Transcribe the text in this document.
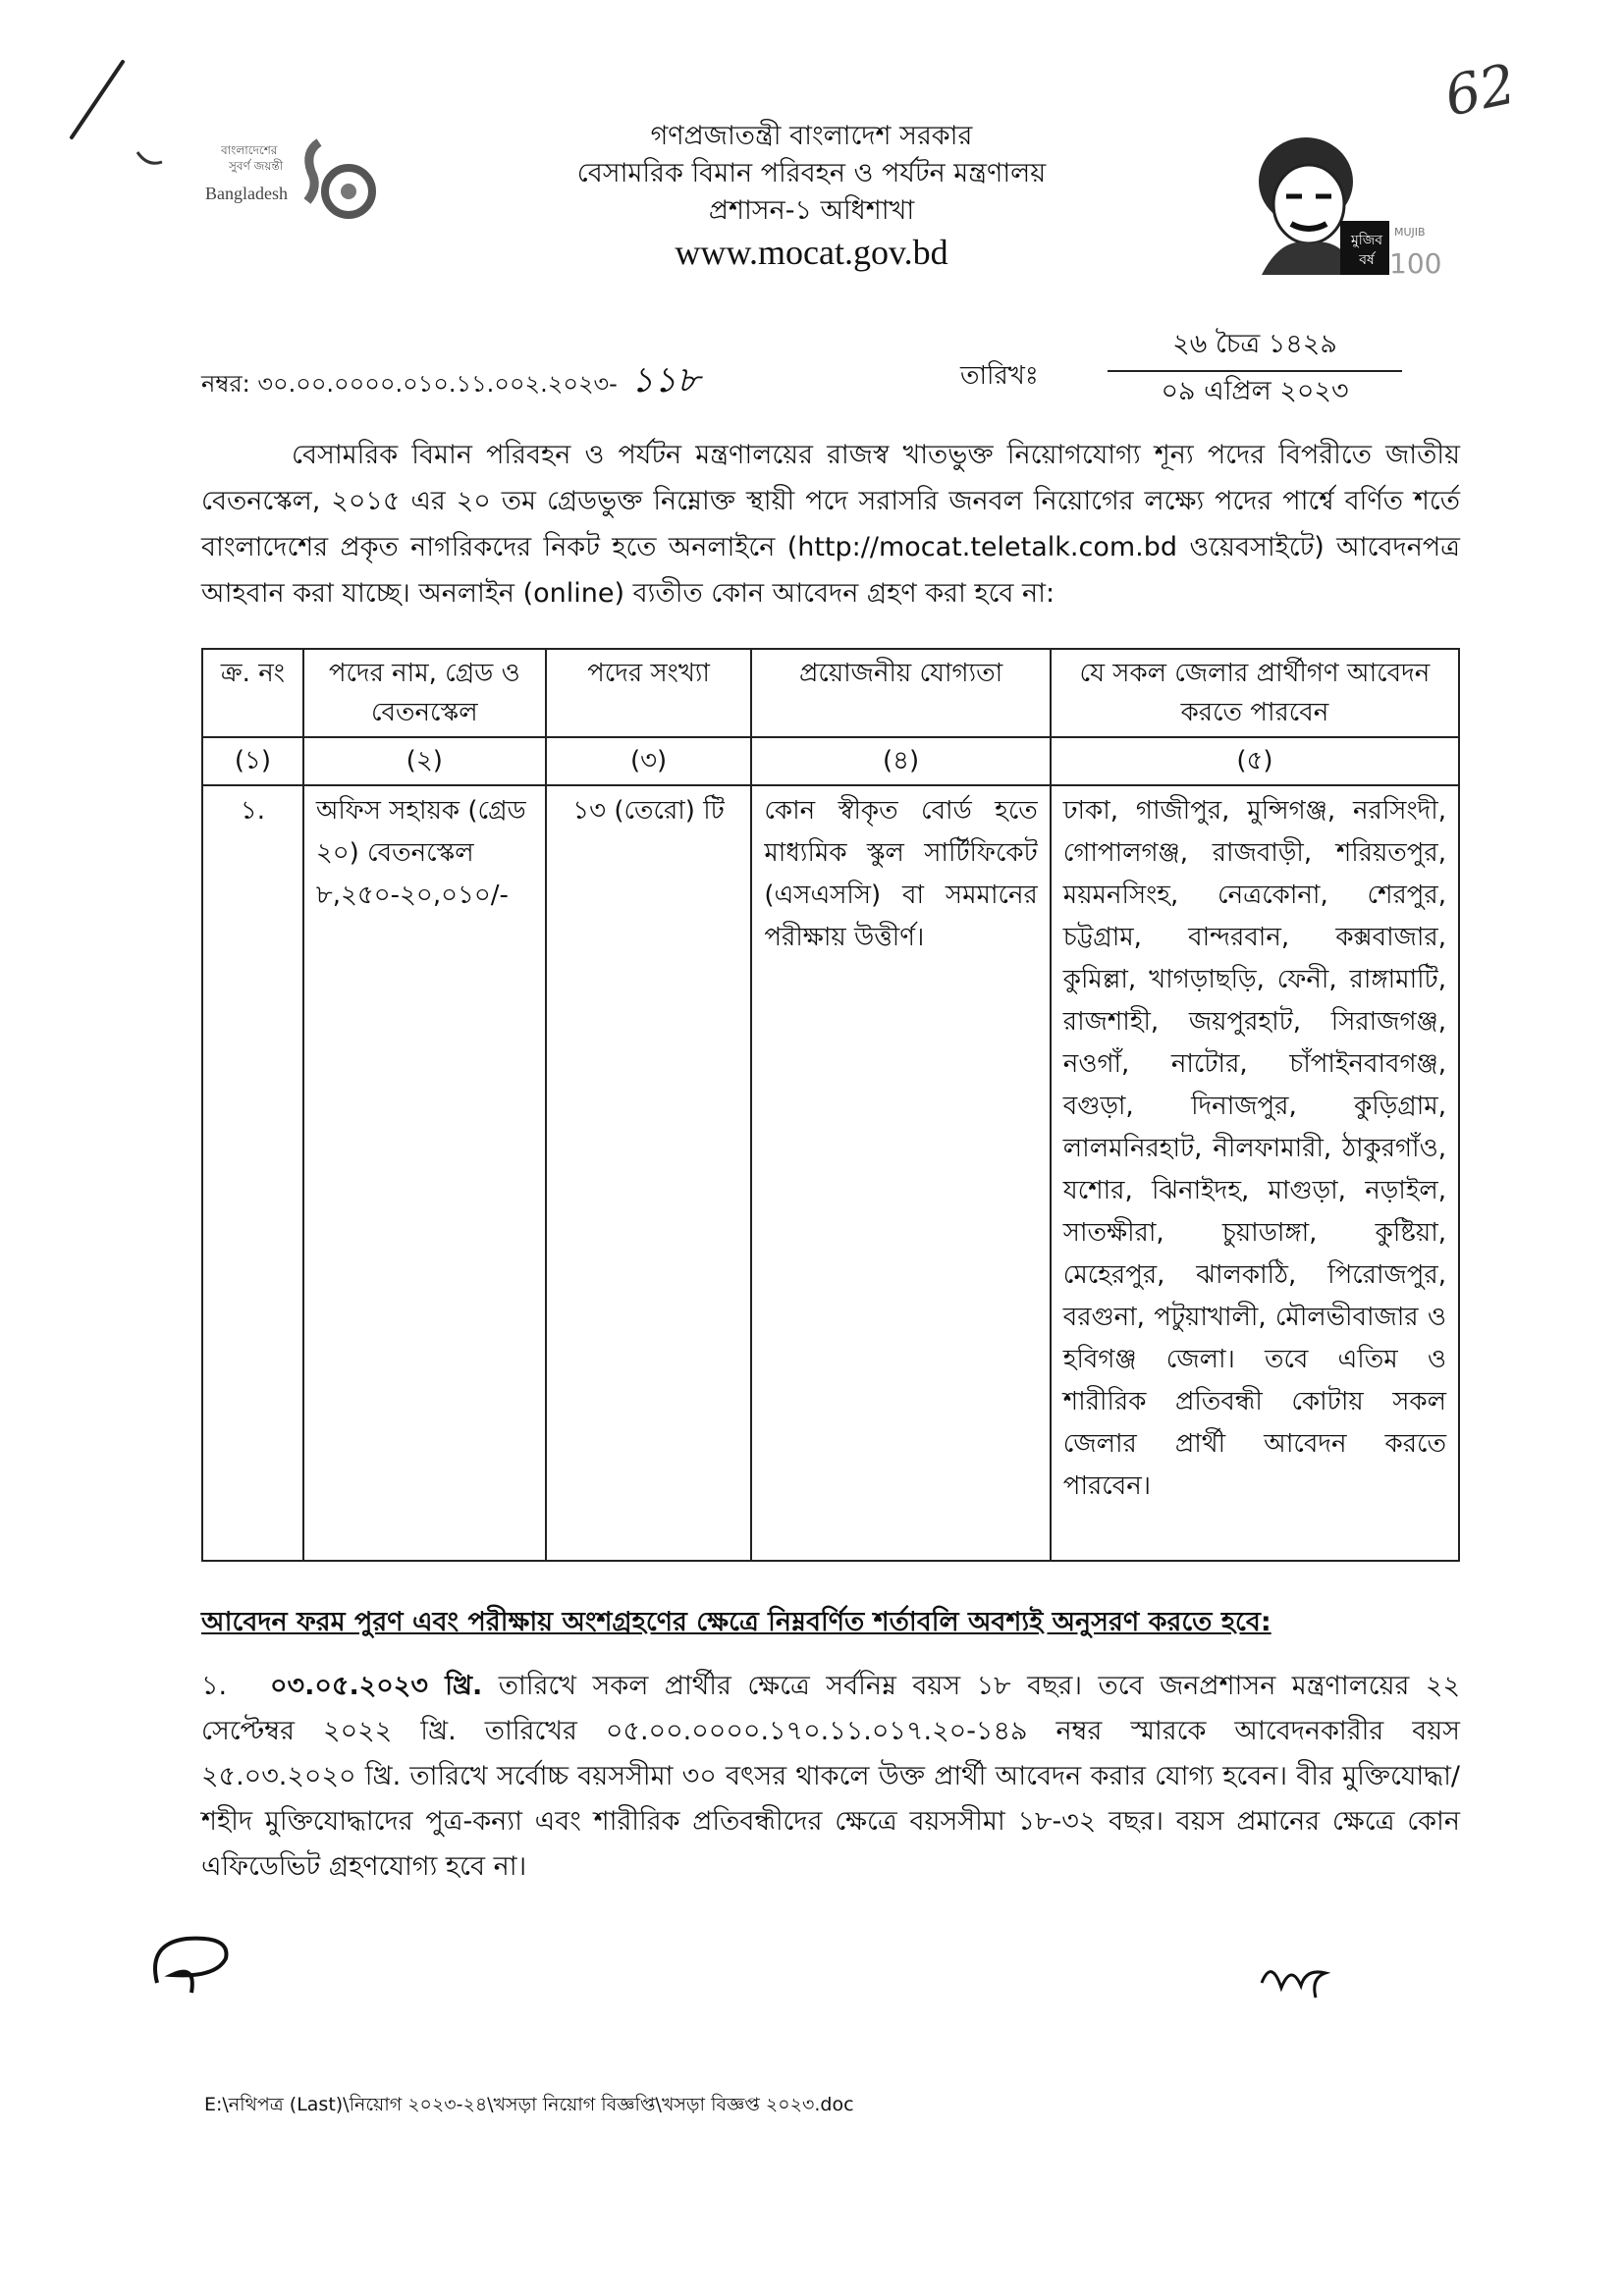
বাংলাদেশের
সুবর্ণ জয়ন্তী
Bangladesh
MUJIB
100
মুজিব বর্ষ
62
গণপ্রজাতন্ত্রী বাংলাদেশ সরকার
বেসামরিক বিমান পরিবহন ও পর্যটন মন্ত্রণালয়
প্রশাসন-১ অধিশাখা
www.mocat.gov.bd
নম্বর: ৩০.০০.০০০০.০১০.১১.০০২.২০২৩- ১১৮	তারিখঃ
২৬ চৈত্র ১৪২৯
০৯ এপ্রিল ২০২৩
বেসামরিক বিমান পরিবহন ও পর্যটন মন্ত্রণালয়ের রাজস্ব খাতভুক্ত নিয়োগযোগ্য শূন্য পদের বিপরীতে জাতীয় বেতনস্কেল, ২০১৫ এর ২০ তম গ্রেডভুক্ত নিম্নোক্ত স্থায়ী পদে সরাসরি জনবল নিয়োগের লক্ষ্যে পদের পার্শ্বে বর্ণিত শর্তে বাংলাদেশের প্রকৃত নাগরিকদের নিকট হতে অনলাইনে (http://mocat.teletalk.com.bd ওয়েবসাইটে) আবেদনপত্র আহবান করা যাচ্ছে। অনলাইন (online) ব্যতীত কোন আবেদন গ্রহণ করা হবে না:
ক্র. নং	পদের নাম, গ্রেড ও বেতনস্কেল	পদের সংখ্যা	প্রয়োজনীয় যোগ্যতা	যে সকল জেলার প্রার্থীগণ আবেদন করতে পারবেন
(১)	(২)	(৩)	(৪)	(৫)
১.	অফিস সহায়ক (গ্রেড ২০) বেতনস্কেল ৮,২৫০-২০,০১০/-	১৩ (তেরো) টি	কোন স্বীকৃত বোর্ড হতে মাধ্যমিক স্কুল সার্টিফিকেট (এসএসসি) বা সমমানের পরীক্ষায় উত্তীর্ণ।	ঢাকা, গাজীপুর, মুন্সিগঞ্জ, নরসিংদী, গোপালগঞ্জ, রাজবাড়ী, শরিয়তপুর, ময়মনসিংহ, নেত্রকোনা, শেরপুর, চট্টগ্রাম, বান্দরবান, কক্সবাজার, কুমিল্লা, খাগড়াছড়ি, ফেনী, রাঙ্গামাটি, রাজশাহী, জয়পুরহাট, সিরাজগঞ্জ, নওগাঁ, নাটোর, চাঁপাইনবাবগঞ্জ, বগুড়া, দিনাজপুর, কুড়িগ্রাম, লালমনিরহাট, নীলফামারী, ঠাকুরগাঁও, যশোর, ঝিনাইদহ, মাগুড়া, নড়াইল, সাতক্ষীরা, চুয়াডাঙ্গা, কুষ্টিয়া, মেহেরপুর, ঝালকাঠি, পিরোজপুর, বরগুনা, পটুয়াখালী, মৌলভীবাজার ও হবিগঞ্জ জেলা। তবে এতিম ও শারীরিক প্রতিবন্ধী কোটায় সকল জেলার প্রার্থী আবেদন করতে পারবেন।
আবেদন ফরম পুরণ এবং পরীক্ষায় অংশগ্রহণের ক্ষেত্রে নিম্নবর্ণিত শর্তাবলি অবশ্যই অনুসরণ করতে হবে:
১. ০৩.০৫.২০২৩ খ্রি. তারিখে সকল প্রার্থীর ক্ষেত্রে সর্বনিম্ন বয়স ১৮ বছর। তবে জনপ্রশাসন মন্ত্রণালয়ের ২২ সেপ্টেম্বর ২০২২ খ্রি. তারিখের ০৫.০০.০০০০.১৭০.১১.০১৭.২০-১৪৯ নম্বর স্মারকে আবেদনকারীর বয়স ২৫.০৩.২০২০ খ্রি. তারিখে সর্বোচ্চ বয়সসীমা ৩০ বৎসর থাকলে উক্ত প্রার্থী আবেদন করার যোগ্য হবেন। বীর মুক্তিযোদ্ধা/শহীদ মুক্তিযোদ্ধাদের পুত্র-কন্যা এবং শারীরিক প্রতিবন্ধীদের ক্ষেত্রে বয়সসীমা ১৮-৩২ বছর। বয়স প্রমানের ক্ষেত্রে কোন এফিডেভিট গ্রহণযোগ্য হবে না।
E:\নথিপত্র (Last)\নিয়োগ ২০২৩-২৪\খসড়া নিয়োগ বিজ্ঞপ্তি\খসড়া বিজ্ঞপ্ত ২০২৩.doc
